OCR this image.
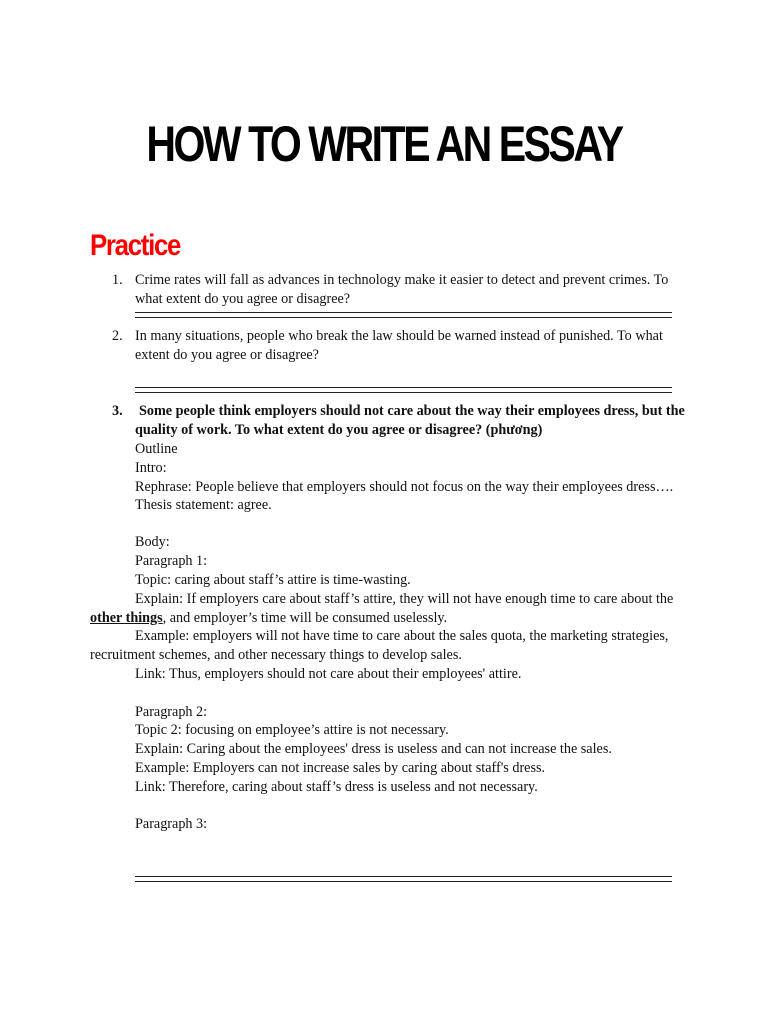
HOW TO WRITE AN ESSAY
Practice
1. Crime rates will fall as advances in technology make it easier to detect and prevent crimes. To
what extent do you agree or disagree?
2. In many situations, people who break the law should be warned instead of punished. To what
extent do you agree or disagree?
3. Some people think employers should not care about the way their employees dress, but the
quality of work. To what extent do you agree or disagree? (phương)
Outline
Intro:
Rephrase: People believe that employers should not focus on the way their employees dress….
Thesis statement: agree.
Body:
Paragraph 1:
Topic: caring about staff’s attire is time-wasting.
Explain: If employers care about staff’s attire, they will not have enough time to care about the
other things, and employer’s time will be consumed uselessly.
Example: employers will not have time to care about the sales quota, the marketing strategies,
recruitment schemes, and other necessary things to develop sales.
Link: Thus, employers should not care about their employees' attire.
Paragraph 2:
Topic 2: focusing on employee’s attire is not necessary.
Explain: Caring about the employees' dress is useless and can not increase the sales.
Example: Employers can not increase sales by caring about staff's dress.
Link: Therefore, caring about staff’s dress is useless and not necessary.
Paragraph 3:
